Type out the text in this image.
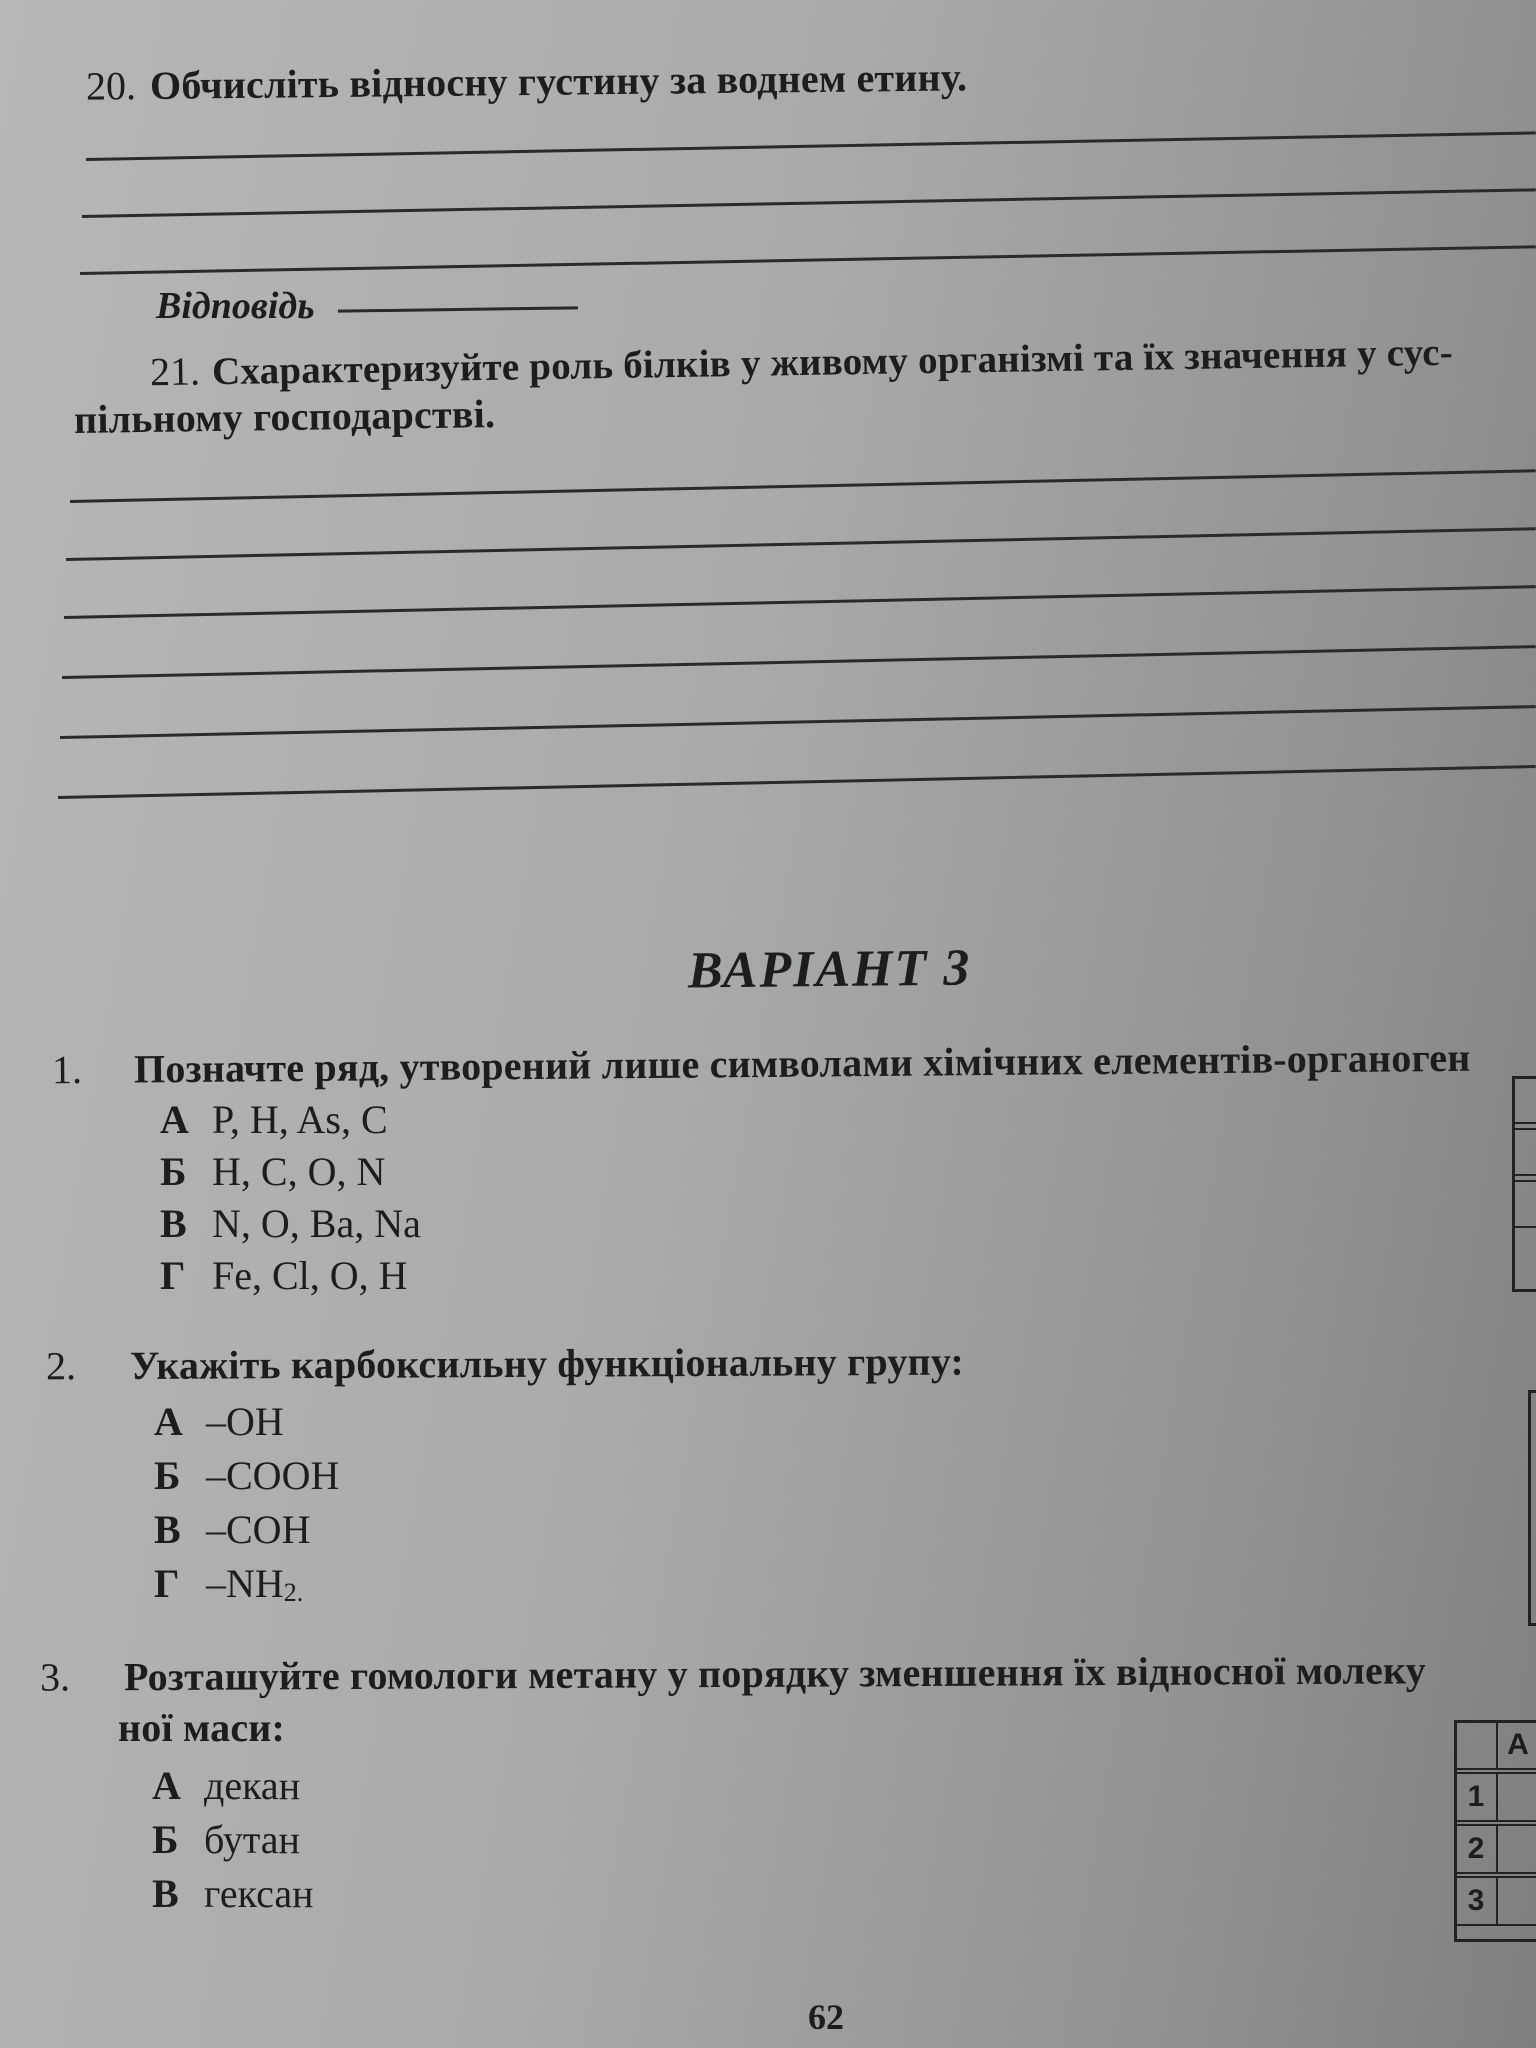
20. Обчисліть відносну густину за воднем етину.
Відповідь
21. Схарактеризуйте роль білків у живому організмі та їх значення у сус-
пільному господарстві.
ВАРІАНТ 3
1. Позначте ряд, утворений лише символами хімічних елементів-органоген
А P, H, As, C
Б H, C, O, N
В N, O, Ba, Na
Г Fe, Cl, O, H
2. Укажіть карбоксильну функціональну групу:
А –OH
Б –COOH
В –COH
Г $-NH_{2.}$
3. Розташуйте гомологи метану у порядку зменшення їх відносної молеку
ної маси:
А декан
Б бутан
В гексан
А
1
2
3
62
